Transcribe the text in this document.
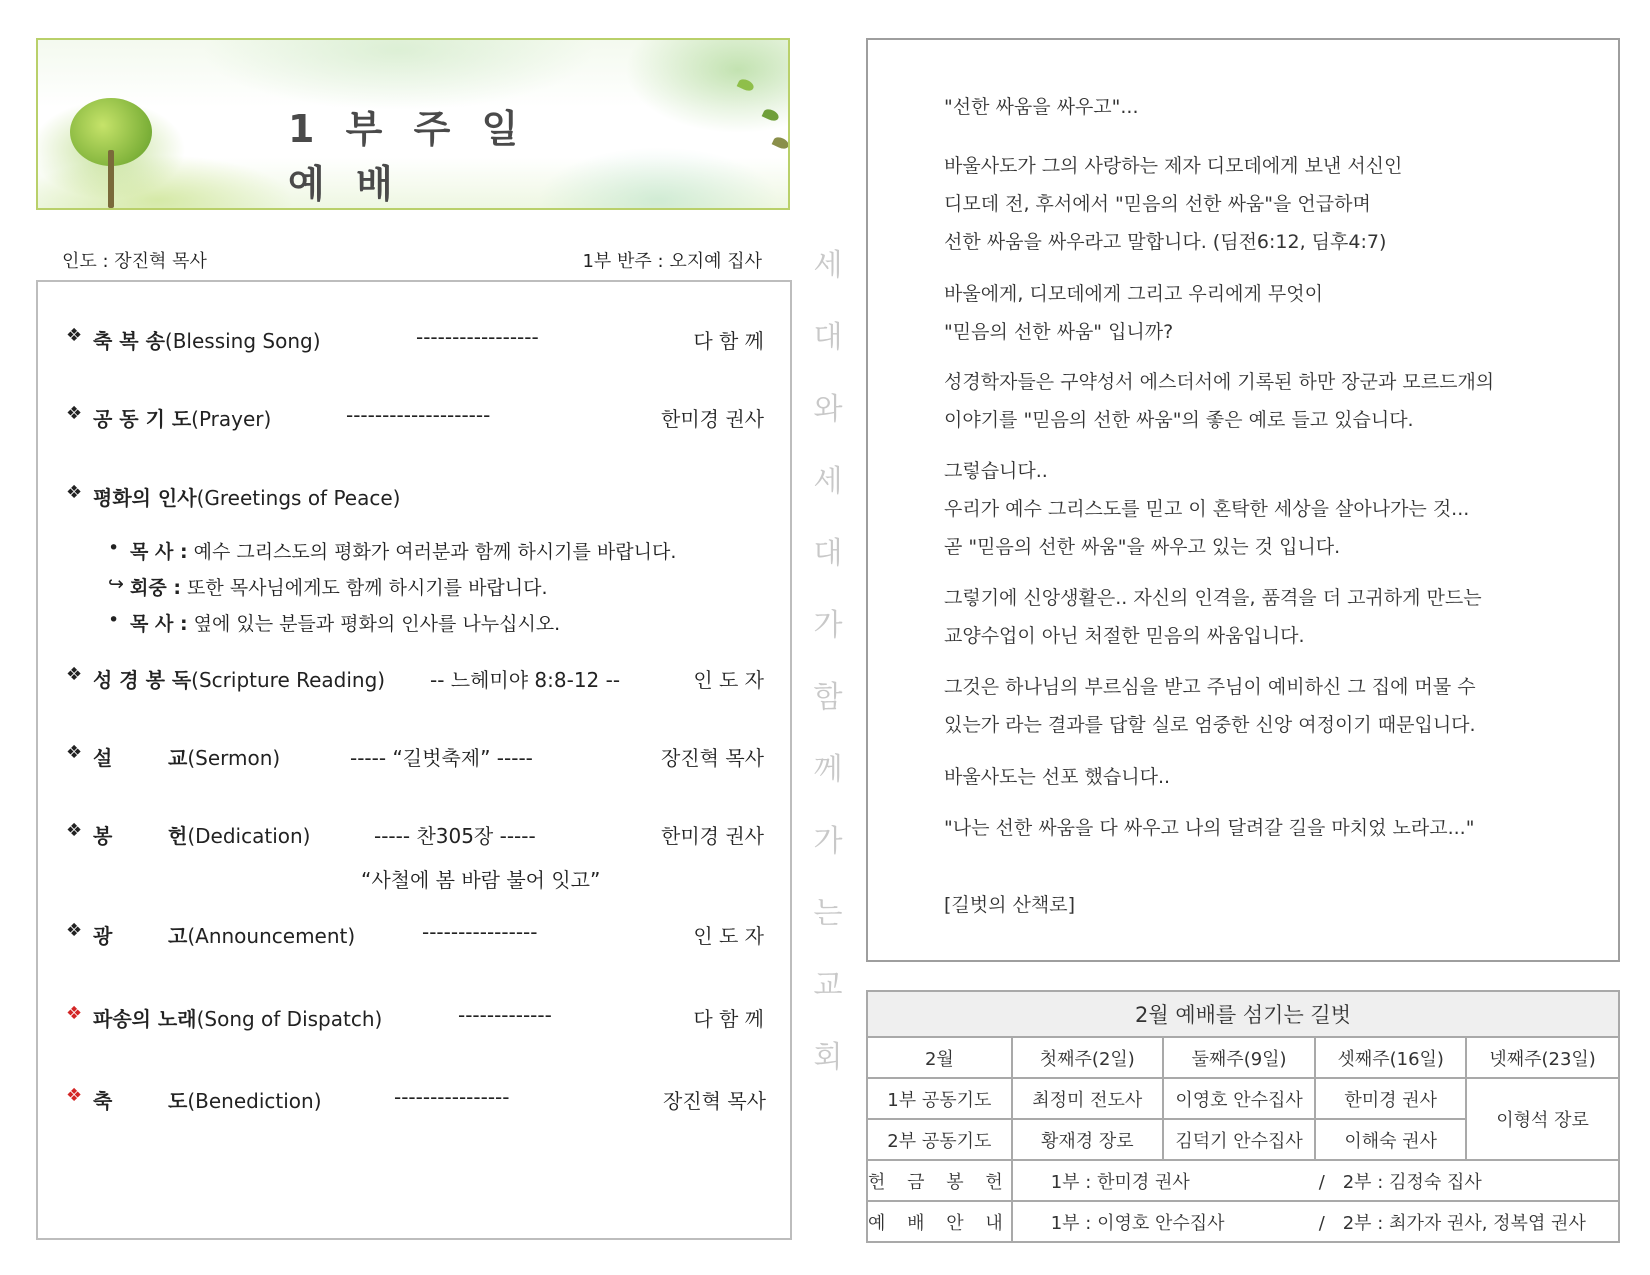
1 부 주 일 예 배
인도 : 장진혁 목사	1부 반주 : 오지예 집사
❖ 축 복 송(Blessing Song)	-----------------	다 함 께
❖ 공 동 기 도(Prayer)	--------------------	한미경 권사
❖ 평화의 인사(Greetings of Peace)
• 목 사 : 예수 그리스도의 평화가 여러분과 함께 하시기를 바랍니다.
↪ 회중 : 또한 목사님에게도 함께 하시기를 바랍니다.
• 목 사 : 옆에 있는 분들과 평화의 인사를 나누십시오.
❖ 성 경 봉 독(Scripture Reading) -- 느헤미야 8:8-12 --	인 도 자
❖ 설        교(Sermon)	----- “길벗축제” -----	장진혁 목사
❖ 봉        헌(Dedication)	----- 찬305장 -----	한미경 권사
“사철에 봄 바람 불어 잇고”
❖ 광        고(Announcement)	----------------	인 도 자
❖ 파송의 노래(Song of Dispatch)	-------------	다 함 께
❖ 축        도(Benediction)	----------------	장진혁 목사
세
대
와
세
대
가
함
께
가
는
교
회
"선한 싸움을 싸우고"...
바울사도가 그의 사랑하는 제자 디모데에게 보낸 서신인
디모데 전, 후서에서 "믿음의 선한 싸움"을 언급하며
선한 싸움을 싸우라고 말합니다. (딤전6:12, 딤후4:7)
바울에게, 디모데에게 그리고 우리에게 무엇이
"믿음의 선한 싸움" 입니까?
성경학자들은 구약성서 에스더서에 기록된 하만 장군과 모르드개의
이야기를 "믿음의 선한 싸움"의 좋은 예로 들고 있습니다.
그렇습니다..
우리가 예수 그리스도를 믿고 이 혼탁한 세상을 살아나가는 것...
곧 "믿음의 선한 싸움"을 싸우고 있는 것 입니다.
그렇기에 신앙생활은.. 자신의 인격을, 품격을 더 고귀하게 만드는
교양수업이 아닌 처절한 믿음의 싸움입니다.
그것은 하나님의 부르심을 받고 주님이 예비하신 그 집에 머물 수
있는가 라는 결과를 답할 실로 엄중한 신앙 여정이기 때문입니다.
바울사도는 선포 했습니다..
"나는 선한 싸움을 다 싸우고 나의 달려갈 길을 마치었 노라고..."
[길벗의 산책로]
2월 예배를 섬기는 길벗				
2월	첫째주(2일)	둘째주(9일)	셋째주(16일)	넷째주(23일)
1부 공동기도	최정미 전도사	이영호 안수집사	한미경 권사	이형석 장로
2부 공동기도	황재경 장로	김덕기 안수집사	이해숙 권사	
헌 금 봉 헌	1부 : 한미경 권사 / 2부 : 김정숙 집사			
예 배 안 내	1부 : 이영호 안수집사 / 2부 : 최가자 권사, 정복엽 권사			
